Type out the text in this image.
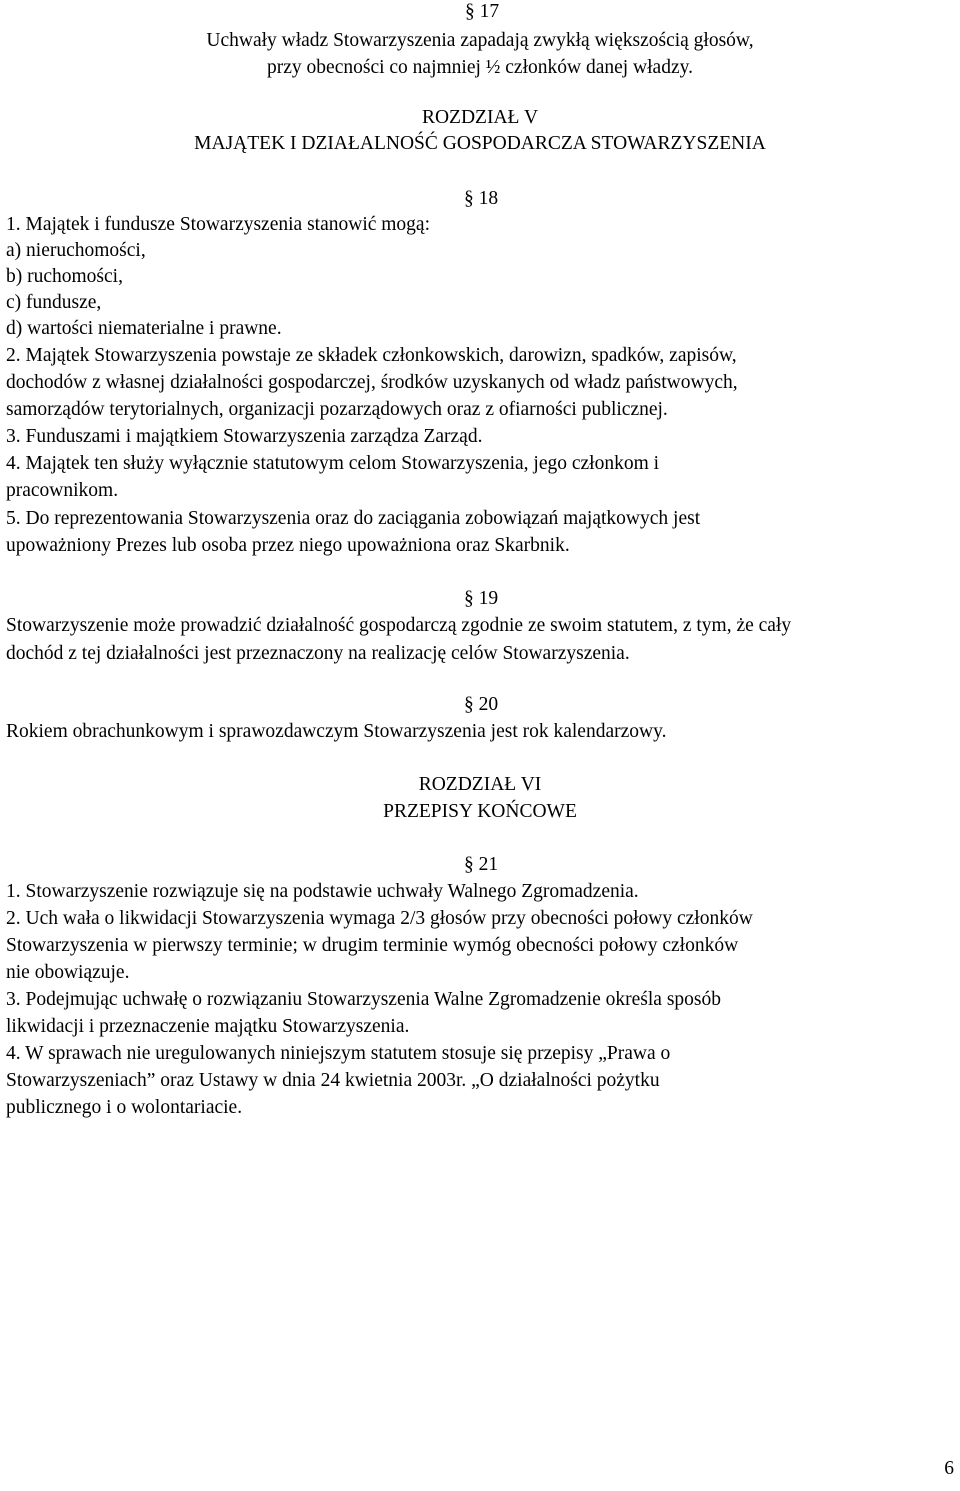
§ 17
Uchwały władz Stowarzyszenia zapadają zwykłą większością głosów,
przy obecności co najmniej ½ członków danej władzy.
ROZDZIAŁ V
MAJĄTEK I DZIAŁALNOŚĆ GOSPODARCZA STOWARZYSZENIA
§ 18
1. Majątek i fundusze Stowarzyszenia stanowić mogą:
a) nieruchomości,
b) ruchomości,
c) fundusze,
d) wartości niematerialne i prawne.
2. Majątek Stowarzyszenia powstaje ze składek członkowskich, darowizn, spadków, zapisów,
dochodów z własnej działalności gospodarczej, środków uzyskanych od władz państwowych,
samorządów terytorialnych, organizacji pozarządowych oraz z ofiarności publicznej.
3. Funduszami i majątkiem Stowarzyszenia zarządza Zarząd.
4. Majątek ten służy wyłącznie statutowym celom Stowarzyszenia, jego członkom i
pracownikom.
5. Do reprezentowania Stowarzyszenia oraz do zaciągania zobowiązań majątkowych jest
upoważniony Prezes lub osoba przez niego upoważniona oraz Skarbnik.
§ 19
Stowarzyszenie może prowadzić działalność gospodarczą zgodnie ze swoim statutem, z tym, że cały
dochód z tej działalności jest przeznaczony na realizację celów Stowarzyszenia.
§ 20
Rokiem obrachunkowym i sprawozdawczym Stowarzyszenia jest rok kalendarzowy.
ROZDZIAŁ VI
PRZEPISY KOŃCOWE
§ 21
1. Stowarzyszenie rozwiązuje się na podstawie uchwały Walnego Zgromadzenia.
2. Uch wała o likwidacji Stowarzyszenia wymaga 2/3 głosów przy obecności połowy członków
Stowarzyszenia w pierwszy terminie; w drugim terminie wymóg obecności połowy członków
nie obowiązuje.
3. Podejmując uchwałę o rozwiązaniu Stowarzyszenia Walne Zgromadzenie określa sposób
likwidacji i przeznaczenie majątku Stowarzyszenia.
4. W sprawach nie uregulowanych niniejszym statutem stosuje się przepisy „Prawa o
Stowarzyszeniach” oraz Ustawy w dnia 24 kwietnia 2003r. „O działalności pożytku
publicznego i o wolontariacie.
6
